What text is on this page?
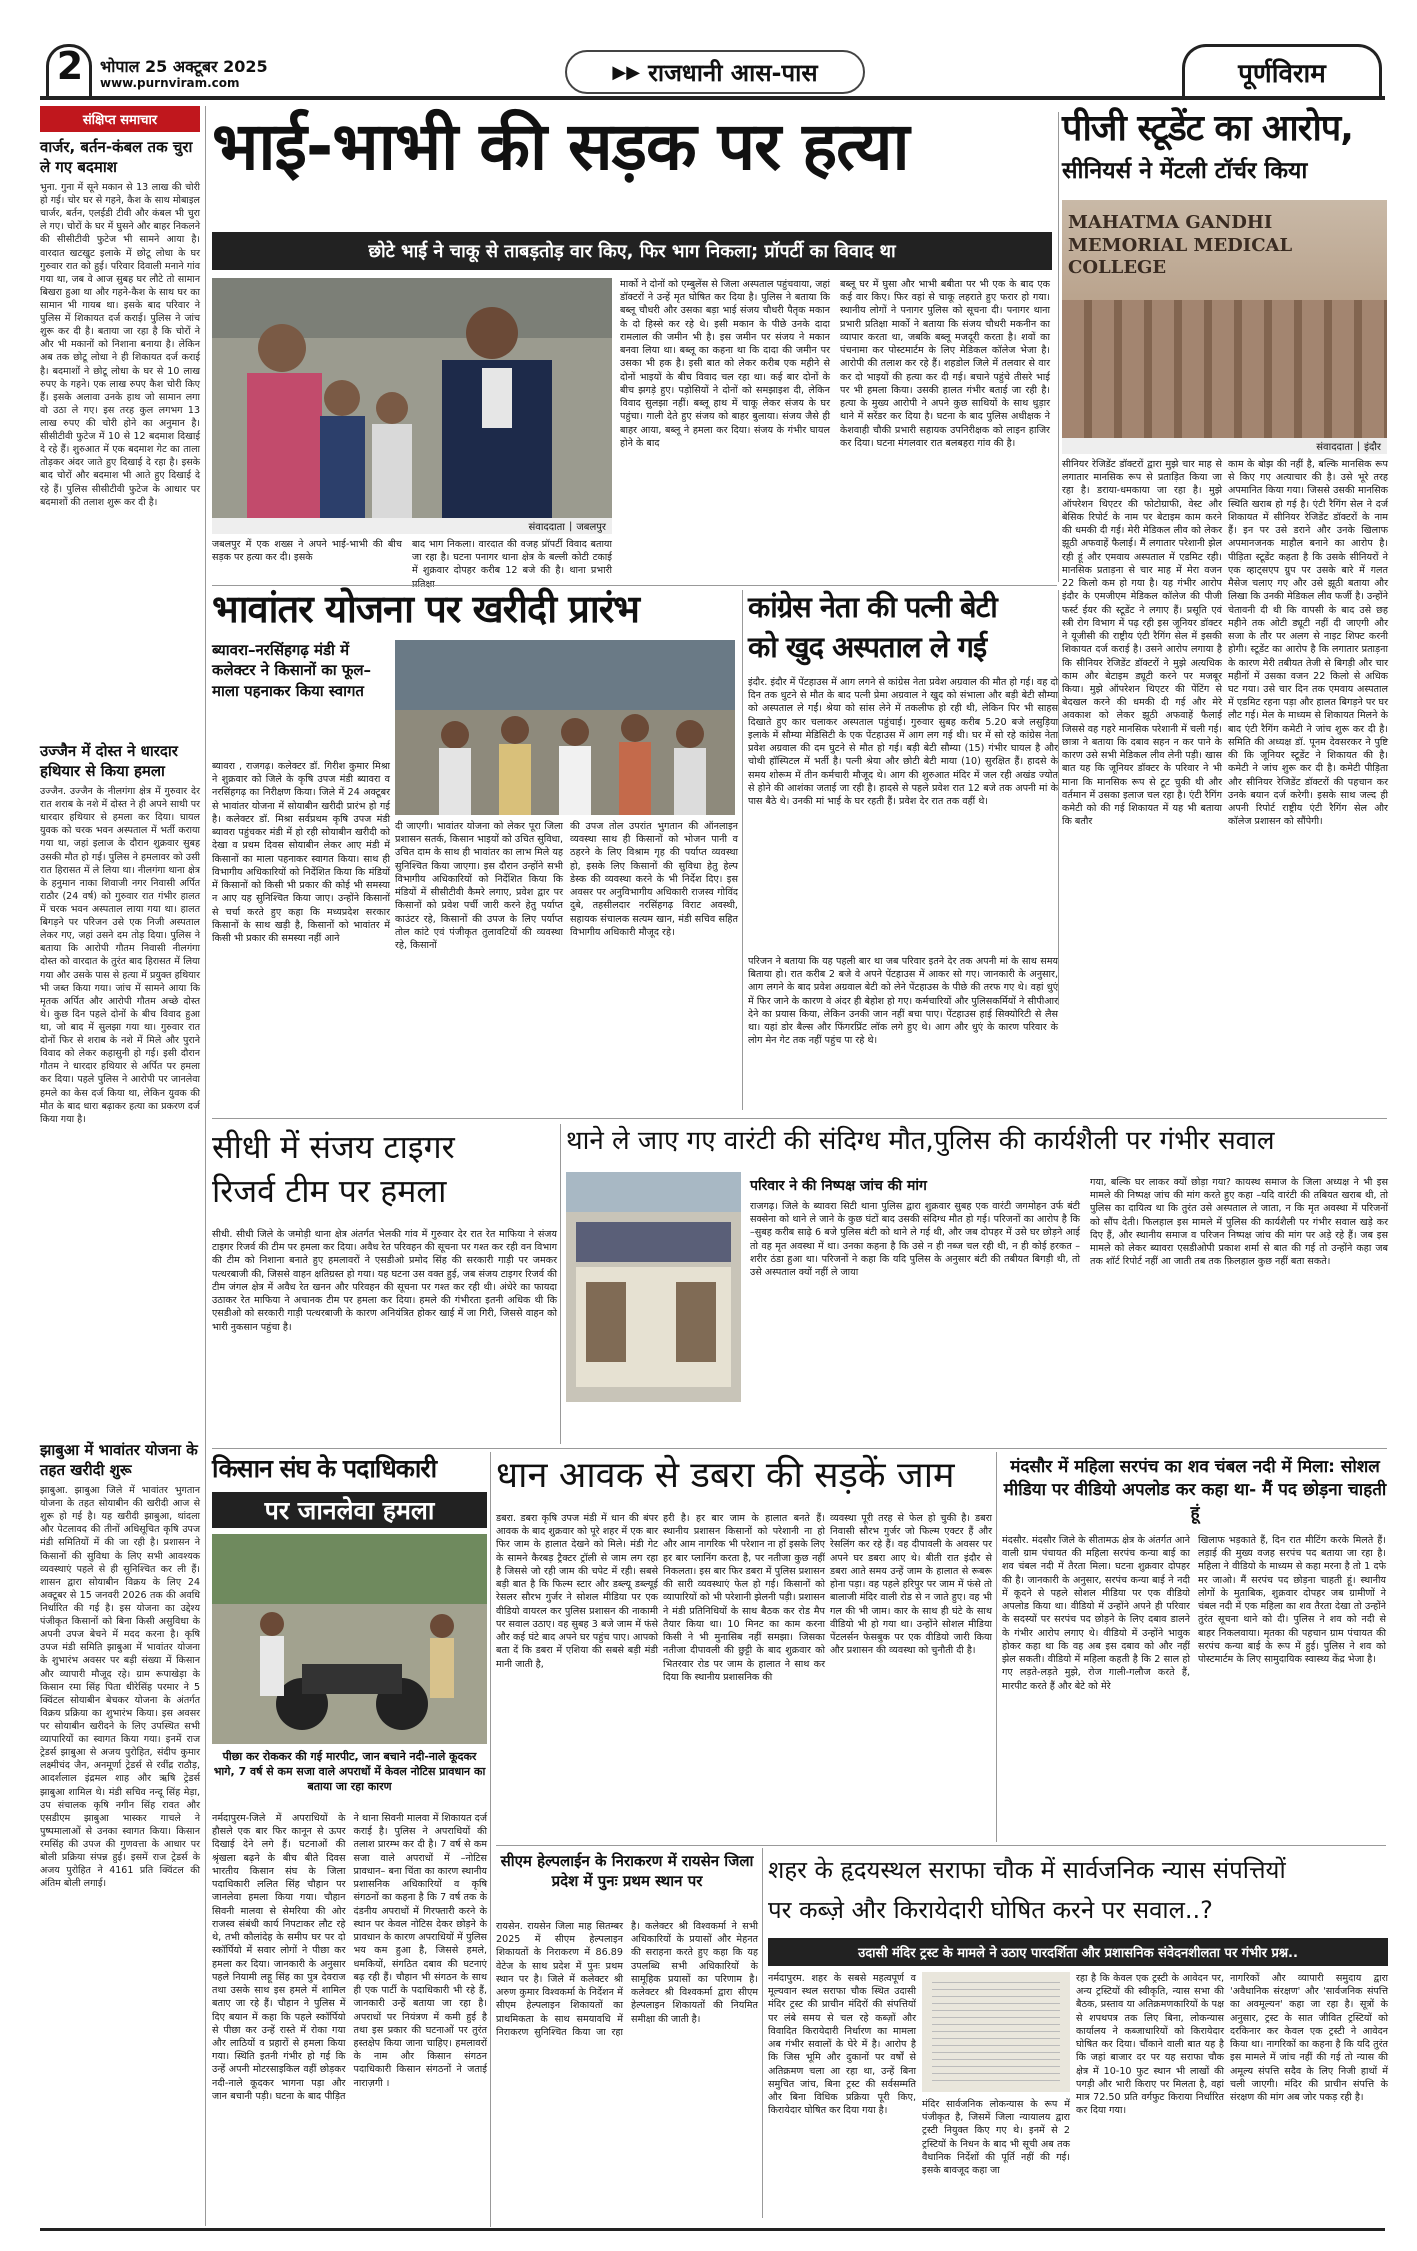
2 भोपाल 25 अक्टूबर 2025
www.purnviram.com
▶▶ राजधानी आस-पास	पूर्णविराम
संक्षिप्त समाचार
वार्जर, बर्तन-कंबल तक चुरा ले गए बदमाश
भुना. गुना में सूने मकान से 13 लाख की चोरी हो गई। चोर घर से गहने, कैश के साथ मोबाइल चार्जर, बर्तन, एलईडी टीवी और कंबल भी चुरा ले गए। चोरों के घर में घुसने और बाहर निकलने की सीसीटीवी फुटेज भी सामने आया है। वारदात खटखुट इलाके में छोटू लोधा के घर गुरुवार रात को हुई। परिवार दिवाली मनाने गांव गया था, जब वे आज सुबह घर लौटे तो सामान बिखरा हुआ था और गहने-कैश के साथ घर का सामान भी गायब था। इसके बाद परिवार ने पुलिस में शिकायत दर्ज कराई। पुलिस ने जांच शुरू कर दी है। बताया जा रहा है कि चोरों ने और भी मकानों को निशाना बनाया है। लेकिन अब तक छोटू लोधा ने ही शिकायत दर्ज कराई है। बदमाशों ने छोटू लोधा के घर से 10 लाख रुपए के गहने। एक लाख रुपए कैश चोरी किए हैं। इसके अलावा उनके हाथ जो सामान लगा वो उठा ले गए। इस तरह कुल लगभग 13 लाख रुपए की चोरी होने का अनुमान है। सीसीटीवी फुटेज में 10 से 12 बदमाश दिखाई दे रहे हैं। शुरुआत में एक बदमाश गेट का ताला तोड़कर अंदर जाते हुए दिखाई दे रहा है। इसके बाद चोरों और बदमाश भी आते हुए दिखाई दे रहे हैं। पुलिस सीसीटीवी फुटेज के आधार पर बदमाशों की तलाश शुरू कर दी है।
उज्जैन में दोस्त ने धारदार हथियार से किया हमला
उज्जैन. उज्जैन के नीलगंगा क्षेत्र में गुरुवार देर रात शराब के नशे में दोस्त ने ही अपने साथी पर धारदार हथियार से हमला कर दिया। घायल युवक को चरक भवन अस्पताल में भर्ती कराया गया था, जहां इलाज के दौरान शुक्रवार सुबह उसकी मौत हो गई। पुलिस ने हमलावर को उसी रात हिरासत में ले लिया था। नीलगंगा थाना क्षेत्र के हनुमान नाका शिवाजी नगर निवासी अर्पित राठौर (24 वर्ष) को गुरुवार रात गंभीर हालत में चरक भवन अस्पताल लाया गया था। हालत बिगड़ने पर परिजन उसे एक निजी अस्पताल लेकर गए, जहां उसने दम तोड़ दिया। पुलिस ने बताया कि आरोपी गौतम निवासी नीलगंगा दोस्त को वारदात के तुरंत बाद हिरासत में लिया गया और उसके पास से हत्या में प्रयुक्त हथियार भी जब्त किया गया। जांच में सामने आया कि मृतक अर्पित और आरोपी गौतम अच्छे दोस्त थे। कुछ दिन पहले दोनों के बीच विवाद हुआ था, जो बाद में सुलझा गया था। गुरुवार रात दोनों फिर से शराब के नशे में मिले और पुराने विवाद को लेकर कहासुनी हो गई। इसी दौरान गौतम ने धारदार हथियार से अर्पित पर हमला कर दिया। पहले पुलिस ने आरोपी पर जानलेवा हमले का केस दर्ज किया था, लेकिन युवक की मौत के बाद धारा बढ़ाकर हत्या का प्रकरण दर्ज किया गया है।
झाबुआ में भावांतर योजना के तहत खरीदी शुरू
झाबुआ. झाबुआ जिले में भावांतर भुगतान योजना के तहत सोयाबीन की खरीदी आज से शुरू हो गई है। यह खरीदी झाबुआ, थांदला और पेटलावद की तीनों अधिसूचित कृषि उपज मंडी समितियों में की जा रही है। प्रशासन ने किसानों की सुविधा के लिए सभी आवश्यक व्यवस्थाएं पहले से ही सुनिश्चित कर ली हैं। शासन द्वारा सोयाबीन विक्रय के लिए 24 अक्टूबर से 15 जनवरी 2026 तक की अवधि निर्धारित की गई है। इस योजना का उद्देश्य पंजीकृत किसानों को बिना किसी असुविधा के अपनी उपज बेचने में मदद करना है। कृषि उपज मंडी समिति झाबुआ में भावांतर योजना के शुभारंभ अवसर पर बड़ी संख्या में किसान और व्यापारी मौजूद रहे। ग्राम रूपाखेड़ा के किसान रमा सिंह पिता धीरेसिंह परमार ने 5 क्विंटल सोयाबीन बेचकर योजना के अंतर्गत विक्रय प्रक्रिया का शुभारंभ किया। इस अवसर पर सोयाबीन खरीदने के लिए उपस्थित सभी व्यापारियों का स्वागत किया गया। इनमें राज ट्रेडर्स झाबुआ से अजय पुरोहित, संदीप कुमार लक्ष्मीचंद जैन, अनमूर्णा ट्रेडर्स से रवींद्र राठौड़, आदर्शलाल इंद्रमल शाह और ऋषि ट्रेडर्स झाबुआ शामिल थे। मंडी सचिव नन्दू सिंह मेड़ा, उप संचालक कृषि नगीन सिंह रावत और एसडीएम झाबुआ भास्कर गाचले ने पुष्पमालाओं से उनका स्वागत किया। किसान रमसिंह की उपज की गुणवत्ता के आधार पर बोली प्रक्रिया संपन्न हुई। इसमें राज ट्रेडर्स के अजय पुरोहित ने 4161 प्रति क्विंटल की अंतिम बोली लगाई।
भाई-भाभी की सड़क पर हत्या
छोटे भाई ने चाकू से ताबड़तोड़ वार किए, फिर भाग निकला; प्रॉपर्टी का विवाद था
संवाददाता | जबलपुर
जबलपुर में एक शख्स ने अपने भाई-भाभी की बीच सड़क पर हत्या कर दी। इसके
बाद भाग निकला। वारदात की वजह प्रॉपर्टी विवाद बताया जा रहा है। घटना पनागर थाना क्षेत्र के बल्ली कोटी टकाई में शुक्रवार दोपहर करीब 12 बजे की है। थाना प्रभारी
मार्को ने दोनों को एम्बुलेंस से जिला अस्पताल पहुंचवाया, जहां डॉक्टरों ने उन्हें मृत घोषित कर दिया है। पुलिस ने बताया कि बब्लू चौधरी और उसका बड़ा भाई संजय चौधरी पैतृक मकान के दो हिस्से कर रहे थे। इसी मकान के पीछे उनके दादा रामलाल की जमीन भी है। इस जमीन पर संजय ने मकान बनवा लिया था। बब्लू का कहना था कि दादा की जमीन पर उसका भी हक है। इसी बात को लेकर करीब एक महीने से दोनों भाइयों के बीच विवाद चल रहा था। कई बार दोनों के बीच झगड़े हुए। पड़ोसियों ने दोनों को समझाइश दी, लेकिन विवाद सुलझा नहीं। बब्लू हाथ में चाकू लेकर संजय के घर पहुंचा। गाली देते हुए संजय को बाहर बुलाया। संजय जैसे ही बाहर आया, बब्लू ने हमला कर दिया। संजय के गंभीर घायल होने के बाद
बब्लू घर में घुसा और भाभी बबीता पर भी एक के बाद एक कई वार किए। फिर वहां से चाकू लहराते हुए फरार हो गया। स्थानीय लोगों ने पनागर पुलिस को सूचना दी। पनागर थाना प्रभारी प्रतिक्षा मार्को ने बताया कि संजय चौधरी मकनीन का व्यापार करता था, जबकि बब्लू मजदूरी करता है। शवों का पंचनामा कर पोस्टमार्टम के लिए मेडिकल कॉलेज भेजा है। आरोपी की तलाश कर रहे हैं। शहडोल जिले में तलवार से वार कर दो भाइयों की हत्या कर दी गई। बचाने पहुंचे तीसरे भाई पर भी हमला किया। उसकी हालत गंभीर बताई जा रही है। हत्या के मुख्य आरोपी ने अपने कुछ साथियों के साथ धुड़ार थाने में सरेंडर कर दिया है। घटना के बाद पुलिस अधीक्षक ने केशवाही चौकी प्रभारी सहायक उपनिरीक्षक को लाइन हाजिर कर दिया। घटना मंगलवार रात बलबहरा गांव की है।
पीजी स्टूडेंट का आरोप,
सीनियर्स ने मेंटली टॉर्चर किया
MAHATMA GANDHI MEMORIAL MEDICAL COLLEGE
संवाददाता | इंदौर
सीनियर रेजिडेंट डॉक्टरों द्वारा मुझे चार माह से लगातार मानसिक रूप से प्रताड़ित किया जा रहा है। डराया-धमकाया जा रहा है। मुझे ऑपरेशन थिएटर की फोटोग्राफी, वेस्ट और बेसिक रिपोर्ट के नाम पर बेटाइम काम करने की धमकी दी गई। मेरी मेडिकल लीव को लेकर झूठी अफवाहें फैलाई। मैं लगातार परेशानी झेल रही हूं और एमवाय अस्पताल में एडमिट रही। मानसिक प्रताड़ना से चार माह में मेरा वजन 22 किलो कम हो गया है। यह गंभीर आरोप इंदौर के एमजीएम मेडिकल कॉलेज की पीजी फर्स्ट ईयर की स्टूडेंट ने लगाए हैं। प्रसूति एवं स्त्री रोग विभाग में पढ़ रही इस जूनियर डॉक्टर ने यूजीसी की राष्ट्रीय एंटी रैगिंग सेल में इसकी शिकायत दर्ज कराई है। उसने आरोप लगाया है कि सीनियर रेजिडेंट डॉक्टरों ने मुझे अत्यधिक काम और बेटाइम ड्यूटी करने पर मजबूर किया। मुझे ऑपरेशन थिएटर की पेंटिंग से बेदखल करने की धमकी दी गई और मेरे अवकाश को लेकर झूठी अफवाहें फैलाई जिससे वह गहरे मानसिक परेशानी में चली गई। छात्रा ने बताया कि दबाव सहन न कर पाने के कारण उसे सभी मेडिकल लीव लेनी पड़ी। खास बात यह कि जूनियर डॉक्टर के परिवार ने भी माना कि मानसिक रूप से टूट चुकी थी और वर्तमान में उसका इलाज चल रहा है। एंटी रैगिंग कमेटी को की गई शिकायत में यह भी बताया कि बतौर
काम के बोझ की नहीं है, बल्कि मानसिक रूप से किए गए अत्याचार की है। उसे भूरे तरह अपमानित किया गया। जिससे उसकी मानसिक स्थिति खराब हो गई है। एंटी रैगिंग सेल ने दर्ज शिकायत में सीनियर रेजिडेंट डॉक्टरों के नाम हैं। इन पर उसे डराने और उनके खिलाफ अपमानजनक माहौल बनाने का आरोप है। पीड़िता स्टूडेंट कहता है कि उसके सीनियरों ने एक व्हाट्सएप ग्रुप पर उसके बारे में गलत मैसेज चलाए गए और उसे झूठी बताया और लिखा कि उनकी मेडिकल लीव फर्जी है। उन्होंने चेतावनी दी थी कि वापसी के बाद उसे छह महीने तक ओटी ड्यूटी नहीं दी जाएगी और सजा के तौर पर अलग से नाइट शिफ्ट करनी होगी। स्टूडेंट का आरोप है कि लगातार प्रताड़ना के कारण मेरी तबीयत तेजी से बिगड़ी और चार महीनों में उसका वजन 22 किलो से अधिक घट गया। उसे चार दिन तक एमवाय अस्पताल में एडमिट रहना पड़ा और हालत बिगड़ने पर घर लौट गई। मेल के माध्यम से शिकायत मिलने के बाद एंटी रैगिंग कमेटी ने जांच शुरू कर दी है। समिति की अध्यक्ष डॉ. पूनम देवसरकर ने पुष्टि की कि जूनियर स्टूडेंट ने शिकायत की है। कमेटी ने जांच शुरू कर दी है। कमेटी पीड़िता और सीनियर रेजिडेंट डॉक्टरों की पहचान कर उनके बयान दर्ज करेगी। इसके साथ जल्द ही अपनी रिपोर्ट राष्ट्रीय एंटी रैगिंग सेल और कॉलेज प्रशासन को सौंपेगी।
भावांतर योजना पर खरीदी प्रारंभ
ब्यावरा–नरसिंहगढ़ मंडी में कलेक्टर ने किसानों का फूल–माला पहनाकर किया स्वागत
ब्यावरा , राजगढ़। कलेक्टर डॉ. गिरीश कुमार मिश्रा ने शुक्रवार को जिले के कृषि उपज मंडी ब्यावरा व नरसिंहगढ़ का निरीक्षण किया। जिले में 24 अक्टूबर से भावांतर योजना में सोयाबीन खरीदी प्रारंभ हो गई है। कलेक्टर डॉ. मिश्रा सर्वप्रथम कृषि उपज मंडी ब्यावरा पहुंचकर मंडी में हो रही सोयाबीन खरीदी को देखा व प्रथम दिवस सोयाबीन लेकर आए मंडी में किसानों का माला पहनाकर स्वागत किया। साथ ही विभागीय अधिकारियों को निर्देशित किया कि मंडियों में किसानों को किसी भी प्रकार की कोई भी समस्या न आए यह सुनिश्चित किया जाए। उन्होंने किसानों से चर्चा करते हुए कहा कि मध्यप्रदेश सरकार किसानों के साथ खड़ी है, किसानों को भावांतर में किसी भी प्रकार की समस्या नहीं आने
दी जाएगी। भावांतर योजना को लेकर पूरा जिला प्रशासन सतर्क, किसान भाइयों को उचित सुविधा, उचित दाम के साथ ही भावांतर का लाभ मिले यह सुनिश्चित किया जाएगा। इस दौरान उन्होंने सभी विभागीय अधिकारियों को निर्देशित किया कि मंडियों में सीसीटीवी कैमरे लगाए, प्रवेश द्वार पर किसानों को प्रवेश पर्ची जारी करने हेतु पर्याप्त काउंटर रहे, किसानों की उपज के लिए पर्याप्त तोल कांटे एवं पंजीकृत तुलावटियों की व्यवस्था रहे, किसानों
की उपज तोल उपरांत भुगतान की ऑनलाइन व्यवस्था साथ ही किसानों को भोजन पानी व ठहरने के लिए विश्राम गृह की पर्याप्त व्यवस्था हो, इसके लिए किसानों की सुविधा हेतु हेल्प डेस्क की व्यवस्था करने के भी निर्देश दिए। इस अवसर पर अनुविभागीय अधिकारी राजस्व गोविंद दुबे, तहसीलदार नरसिंहगढ़ विराट अवस्थी, सहायक संचालक सत्यम खान, मंडी सचिव सहित विभागीय अधिकारी मौजूद रहे।
कांग्रेस नेता की पत्नी बेटी
को खुद अस्पताल ले गई
इंदौर. इंदौर में पेंटहाउस में आग लगने से कांग्रेस नेता प्रवेश अग्रवाल की मौत हो गई। वह दो दिन तक धुटने से मौत के बाद पत्नी प्रेमा अग्रवाल ने खुद को संभाला और बड़ी बेटी सौम्या को अस्पताल ले गईं। श्रेया को सांस लेने में तकलीफ हो रही थी, लेकिन पिर भी साहस दिखाते हुए कार चलाकर अस्पताल पहुंचाई। गुरुवार सुबह करीब 5.20 बजे लसुड़िया इलाके में सौम्या मेडिसिटी के एक पेंटहाउस में आग लग गई थी। घर में सो रहे कांग्रेस नेता प्रवेश अग्रवाल की दम घुटने से मौत हो गई। बड़ी बेटी सौम्या (15) गंभीर घायल है और चोथी हॉस्पिटल में भर्ती है। पत्नी श्रेया और छोटी बेटी माया (10) सुरक्षित हैं। हादसे के समय शोरूम में तीन कर्मचारी मौजूद थे। आग की शुरुआत मंदिर में जल रही अखंड ज्योत से होने की आशंका जताई जा रही है। हादसे से पहले प्रवेश रात 12 बजे तक अपनी मां के पास बैठे थे। उनकी मां भाई के घर रहती हैं। प्रवेश देर रात तक वहीं थे।
परिजन ने बताया कि यह पहली बार था जब परिवार इतने देर तक अपनी मां के साथ समय बिताया हो। रात करीब 2 बजे वे अपने पेंटहाउस में आकर सो गए। जानकारी के अनुसार, आग लगने के बाद प्रवेश अग्रवाल बेटी को लेने पेंटहाउस के पीछे की तरफ गए थे। वहां धुएं में फिर जाने के कारण वे अंदर ही बेहोश हो गए। कर्मचारियों और पुलिसकर्मियों ने सीपीआर देने का प्रयास किया, लेकिन उनकी जान नहीं बचा पाए। पेंटहाउस हाई सिक्योरिटी से लैस था। यहां डोर बैल्स और फिंगरप्रिंट लॉक लगे हुए थे। आग और धुएं के कारण परिवार के लोग मेन गेट तक नहीं पहुंच पा रहे थे।
सीधी में संजय टाइगर
रिजर्व टीम पर हमला
सीधी. सीधी जिले के जमोड़ी थाना क्षेत्र अंतर्गत भेलकी गांव में गुरुवार देर रात रेत माफिया ने संजय टाइगर रिजर्व की टीम पर हमला कर दिया। अवैध रेत परिवहन की सूचना पर गश्त कर रही वन विभाग की टीम को निशाना बनाते हुए हमलावरों ने एसडीओ प्रमोद सिंह की सरकारी गाड़ी पर जमकर पत्थरबाजी की, जिससे वाहन क्षतिग्रस्त हो गया। यह घटना उस वक्त हुई, जब संजय टाइगर रिजर्व की टीम जंगल क्षेत्र में अवैध रेत खनन और परिवहन की सूचना पर गश्त कर रही थी। अंधेरे का फायदा उठाकर रेत माफिया ने अचानक टीम पर हमला कर दिया। हमले की गंभीरता इतनी अधिक थी कि एसडीओ को सरकारी गाड़ी पत्थरबाजी के कारण अनियंत्रित होकर खाई में जा गिरी, जिससे वाहन को भारी नुकसान पहुंचा है।
थाने ले जाए गए वारंटी की संदिग्ध मौत,पुलिस की कार्यशैली पर गंभीर सवाल
परिवार ने की निष्पक्ष जांच की मांग
राजगढ़। जिले के ब्यावरा सिटी थाना पुलिस द्वारा शुक्रवार सुबह एक वारंटी जगमोहन उर्फ बंटी सक्सेना को थाने ले जाने के कुछ घंटों बाद उसकी संदिग्ध मौत हो गई। परिजनों का आरोप है कि –सुबह करीब साढ़े 6 बजे पुलिस बंटी को थाने ले गई थी, और जब दोपहर में उसे घर छोड़ने आई तो वह मृत अवस्था में था। उनका कहना है कि उसे न ही नब्ज चल रही थी, न ही कोई हरकत – शरीर ठंडा हुआ था। परिजनों ने कहा कि यदि पुलिस के अनुसार बंटी की तबीयत बिगड़ी थी, तो उसे अस्पताल क्यों नहीं ले जाया
गया, बल्कि घर लाकर क्यों छोड़ा गया? कायस्थ समाज के जिला अध्यक्ष ने भी इस मामले की निष्पक्ष जांच की मांग करते हुए कहा –यदि वारंटी की तबियत खराब थी, तो पुलिस का दायित्व था कि तुरंत उसे अस्पताल ले जाता, न कि मृत अवस्था में परिजनों को सौंप देती। फिलहाल इस मामले में पुलिस की कार्यशैली पर गंभीर सवाल खड़े कर दिए हैं, और स्थानीय समाज व परिजन निष्पक्ष जांच की मांग पर अड़े रहे हैं। जब इस मामले को लेकर ब्यावरा एसडीओपी प्रकाश शर्मा से बात की गई तो उन्होंने कहा जब तक शॉर्ट रिपोर्ट नहीं आ जाती तब तक फ़िलहाल कुछ नहीं बता सकते।
किसान संघ के पदाधिकारी
पर जानलेवा हमला
पीछा कर रोककर की गई मारपीट, जान बचाने नदी-नाले कूदकर भागे, 7 वर्ष से कम सजा वाले अपराधों में केवल नोटिस प्रावधान का बताया जा रहा कारण
नर्मदापुरम-जिले में अपराधियों के हौसले एक बार फिर कानून से ऊपर दिखाई देने लगे हैं। घटनाओं की श्रृंखला बढ़ने के बीच बीते दिवस भारतीय किसान संघ के जिला पदाधिकारी ललित सिंह चौहान पर जानलेवा हमला किया गया। चौहान सिवनी मालवा से सेमरिया की ओर राजस्व संबंधी कार्य निपटाकर लौट रहे थे, तभी कौलांदेह के समीप घर पर दो स्कॉर्पियो में सवार लोगों ने पीछा कर हमला कर दिया। जानकारी के अनुसार पहले नियामी लहू सिंह का पुत्र देवराज तथा उसके साथ इस हमले में शामिल बताए जा रहे हैं। चौहान ने पुलिस में दिए बयान में कहा कि पहले स्कॉर्पियो से पीछा कर उन्हें रास्ते में रोका गया और लाठियों व प्रहारों से हमला किया गया। स्थिति इतनी गंभीर हो गई कि उन्हें अपनी मोटरसाइकिल वहीं छोड़कर नदी-नाले कूदकर भागना पड़ा और जान बचानी पड़ी। घटना के बाद पीड़ित ने थाना सिवनी मालवा में शिकायत दर्ज कराई है। पुलिस ने अपराधियों की तलाश प्रारम्भ कर दी है। 7 वर्ष से कम सजा वाले अपराधों में –नोटिस प्रावधान– बना चिंता का कारण स्थानीय प्रशासनिक अधिकारियों व कृषि संगठनों का कहना है कि 7 वर्ष तक के दंडनीय अपराधों में गिरफ्तारी करने के स्थान पर केवल नोटिस देकर छोड़ने के प्रावधान के कारण अपराधियों में पुलिस भय कम हुआ है, जिससे हमले, धमकियों, संगठित दबाव की घटनाएं बढ़ रही हैं। चौहान भी संगठन के साथ ही एक पार्टी के पदाधिकारी भी रहे हैं, जानकारी उन्हें बताया जा रहा है। अपराधों पर नियंत्रण में कमी हुई है तथा इस प्रकार की घटनाओं पर तुरंत हस्तक्षेप किया जाना चाहिए। हमलावरों के नाम और किसान संगठन पदाधिकारी किसान संगठनों ने जताई नाराज़गी ।
धान आवक से डबरा की सड़कें जाम
डबरा. डबरा कृषि उपज मंडी में धान की बंपर आवक के बाद शुक्रवार को पूरे शहर में एक बार फिर जाम के हालात देखने को मिले। मंडी गेट के सामने कैरबड़ ट्रैक्टर ट्रॉली से जाम लग रहा है जिससे जो रही जाम की चपेट में रही। सबसे बड़ी बात है कि फिल्म स्टार और डब्ल्यू डब्ल्यूई रेसलर सौरभ गुर्जर ने सोशल मीडिया पर एक वीडियो वायरल कर पुलिस प्रशासन की नाकामी पर सवाल उठाए। वह सुबह 3 बजे जाम में फंसे और कई घंटे बाद अपने घर पहुंच पाए। आपको बता दें कि डबरा में एशिया की सबसे बड़ी मंडी मानी जाती है,
हरी है। हर बार जाम के हालात बनते हैं। स्थानीय प्रशासन किसानों को परेशानी ना हो और आम नागरिक भी परेशान ना हों इसके लिए हर बार प्लानिंग करता है, पर नतीजा कुछ नहीं निकलता। इस बार फिर डबरा में पुलिस प्रशासन की सारी व्यवस्थाएं फेल हो गई। किसानों को व्यापारियों को भी परेशानी झेलनी पड़ी। प्रशासन ने मंडी प्रतिनिधियों के साथ बैठक कर रोड मैप तैयार किया था। 10 मिनट का काम करना किसी ने भी मुनासिब नहीं समझा। जिसका नतीजा दीपावली की छुट्टी के बाद शुक्रवार को भितरवार रोड पर जाम के हालात ने साथ कर दिया कि स्थानीय प्रशासनिक की
व्यवस्था पूरी तरह से फेल हो चुकी है। डबरा निवासी सौरभ गुर्जर जो फिल्म एक्टर हैं और रेसलिंग कर रहे हैं। वह दीपावली के अवसर पर अपने घर डबरा आए थे। बीती रात इंदौर से डबरा आते समय उन्हें जाम के हालात से रूबरू होना पड़ा। वह पहले हरिपुर पर जाम में फंसे तो बालाजी मंदिर वाली रोड से न जाते हुए। वह भी गल की भी जाम। कार के साथ ही घंटे के साथ वीडियो भी हो गया था। उन्होंने सोशल मीडिया पेंटलर्सन फेसबुक पर एक वीडियो जारी किया और प्रशासन की व्यवस्था को चुनौती दी है।
मंदसौर में महिला सरपंच का शव चंबल नदी में मिला: सोशल मीडिया पर वीडियो अपलोड कर कहा था- मैं पद छोड़ना चाहती हूं
मंदसौर. मंदसौर जिले के सीतामऊ क्षेत्र के अंतर्गत आने वाली ग्राम पंचायत की महिला सरपंच कन्या बाई का शव चंबल नदी में तैरता मिला। घटना शुक्रवार दोपहर की है। जानकारी के अनुसार, सरपंच कन्या बाई ने नदी में कूदने से पहले सोशल मीडिया पर एक वीडियो अपलोड किया था। वीडियो में उन्होंने अपने ही परिवार के सदस्यों पर सरपंच पद छोड़ने के लिए दबाव डालने के गंभीर आरोप लगाए थे। वीडियो में उन्होंने भावुक होकर कहा था कि वह अब इस दबाव को और नहीं झेल सकती। वीडियो में महिला कहती है कि 2 साल हो गए लड़ते-लड़ते मुझे, रोज गाली-गलौज करते हैं, मारपीट करते हैं और बेटे को मेरे
खिलाफ भड़काते हैं, दिन रात मीटिंग करके मिलते हैं। लड़ाई की मुख्य वजह सरपंच पद बताया जा रहा है। महिला ने वीडियो के माध्यम से कहा मरना है तो 1 दफे मर जाओ। मैं सरपंच पद छोड़ना चाहती हूं। स्थानीय लोगों के मुताबिक, शुक्रवार दोपहर जब ग्रामीणों ने चंबल नदी में एक महिला का शव तैरता देखा तो उन्होंने तुरंत सूचना थाने को दी। पुलिस ने शव को नदी से बाहर निकलवाया। मृतका की पहचान ग्राम पंचायत की सरपंच कन्या बाई के रूप में हुई। पुलिस ने शव को पोस्टमार्टम के लिए सामुदायिक स्वास्थ्य केंद्र भेजा है।
सीएम हेल्पलाईन के निराकरण में रायसेन जिला प्रदेश में पुनः प्रथम स्थान पर
रायसेन. रायसेन जिला माह सितम्बर 2025 में सीएम हेल्पलाइन शिकायतों के निराकरण में 86.89 वेटेज के साथ प्रदेश में पुनः प्रथम स्थान पर है। जिले में कलेक्टर श्री अरुण कुमार विश्वकर्मा के निर्देशन में सीएम हेल्पलाइन शिकायतों का प्राथमिकता के साथ समयावधि में निराकरण सुनिश्चित किया जा रहा है। कलेक्टर श्री विश्वकर्मा ने सभी अधिकारियों के प्रयासों और मेहनत की सराहना करते हुए कहा कि यह उपलब्धि सभी अधिकारियों के सामूहिक प्रयासों का परिणाम है। कलेक्टर श्री विश्वकर्मा द्वारा सीएम हेल्पलाइन शिकायतों की नियमित समीक्षा की जाती है।
शहर के हृदयस्थल सराफा चौक में सार्वजनिक न्यास संपत्तियों
पर कब्ज़े और किरायेदारी घोषित करने पर सवाल..?
उदासी मंदिर ट्रस्ट के मामले ने उठाए पारदर्शिता और प्रशासनिक संवेदनशीलता पर गंभीर प्रश्न..
नर्मदापुरम. शहर के सबसे महत्वपूर्ण व मूल्यवान स्थल सराफा चौक स्थित उदासी मंदिर ट्रस्ट की प्राचीन मंदिरों की संपत्तियों पर लंबे समय से चल रहे कब्ज़ों और विवादित किरायेदारी निर्धारण का मामला अब गंभीर सवालों के घेरे में है। आरोप है कि जिस भूमि और दुकानों पर वर्षों से अतिक्रमण चला आ रहा था, उन्हें बिना समुचित जांच, बिना ट्रस्ट की सर्वसम्मति और बिना विधिक प्रक्रिया पूरी किए, किरायेदार घोषित कर दिया गया है।
मंदिर सार्वजनिक लोकन्यास के रूप में पंजीकृत है, जिसमें जिला न्यायालय द्वारा ट्रस्टी नियुक्त किए गए थे। इनमें से 2 ट्रस्टियों के निधन के बाद भी सूची अब तक वैधानिक निर्देशों की पूर्ति नहीं की गई। इसके बावजूद कहा जा
रहा है कि केवल एक ट्रस्टी के आवेदन पर, अन्य ट्रस्टियों की स्वीकृति, न्यास सभा की बैठक, प्रस्ताव या अतिक्रमणकारियों के पक्ष से शपथपत्र तक लिए बिना, लोकन्यास कार्यालय ने कब्जाधारियों को किरायेदार घोषित कर दिया। चौंकाने वाली बात यह है कि जहां बाजार दर पर यह सराफा चौक क्षेत्र में 10-10 फुट स्थान भी लाखों की पगड़ी और भारी किराए पर मिलता है, वहां मात्र 72.50 प्रति वर्गफुट किराया निर्धारित कर दिया गया।
नागरिकों और व्यापारी समुदाय द्वारा 'अवैधानिक संरक्षण' और 'सार्वजनिक संपत्ति का अवमूल्यन' कहा जा रहा है। सूत्रों के अनुसार, ट्रस्ट के सात जीवित ट्रस्टियों को दरकिनार कर केवल एक ट्रस्टी ने आवेदन किया था। नागरिकों का कहना है कि यदि तुरंत इस मामले में जांच नहीं की गई तो न्यास की अमूल्य संपत्ति सदैव के लिए निजी हाथों में चली जाएगी। मंदिर की प्राचीन संपत्ति के संरक्षण की मांग अब जोर पकड़ रही है।
